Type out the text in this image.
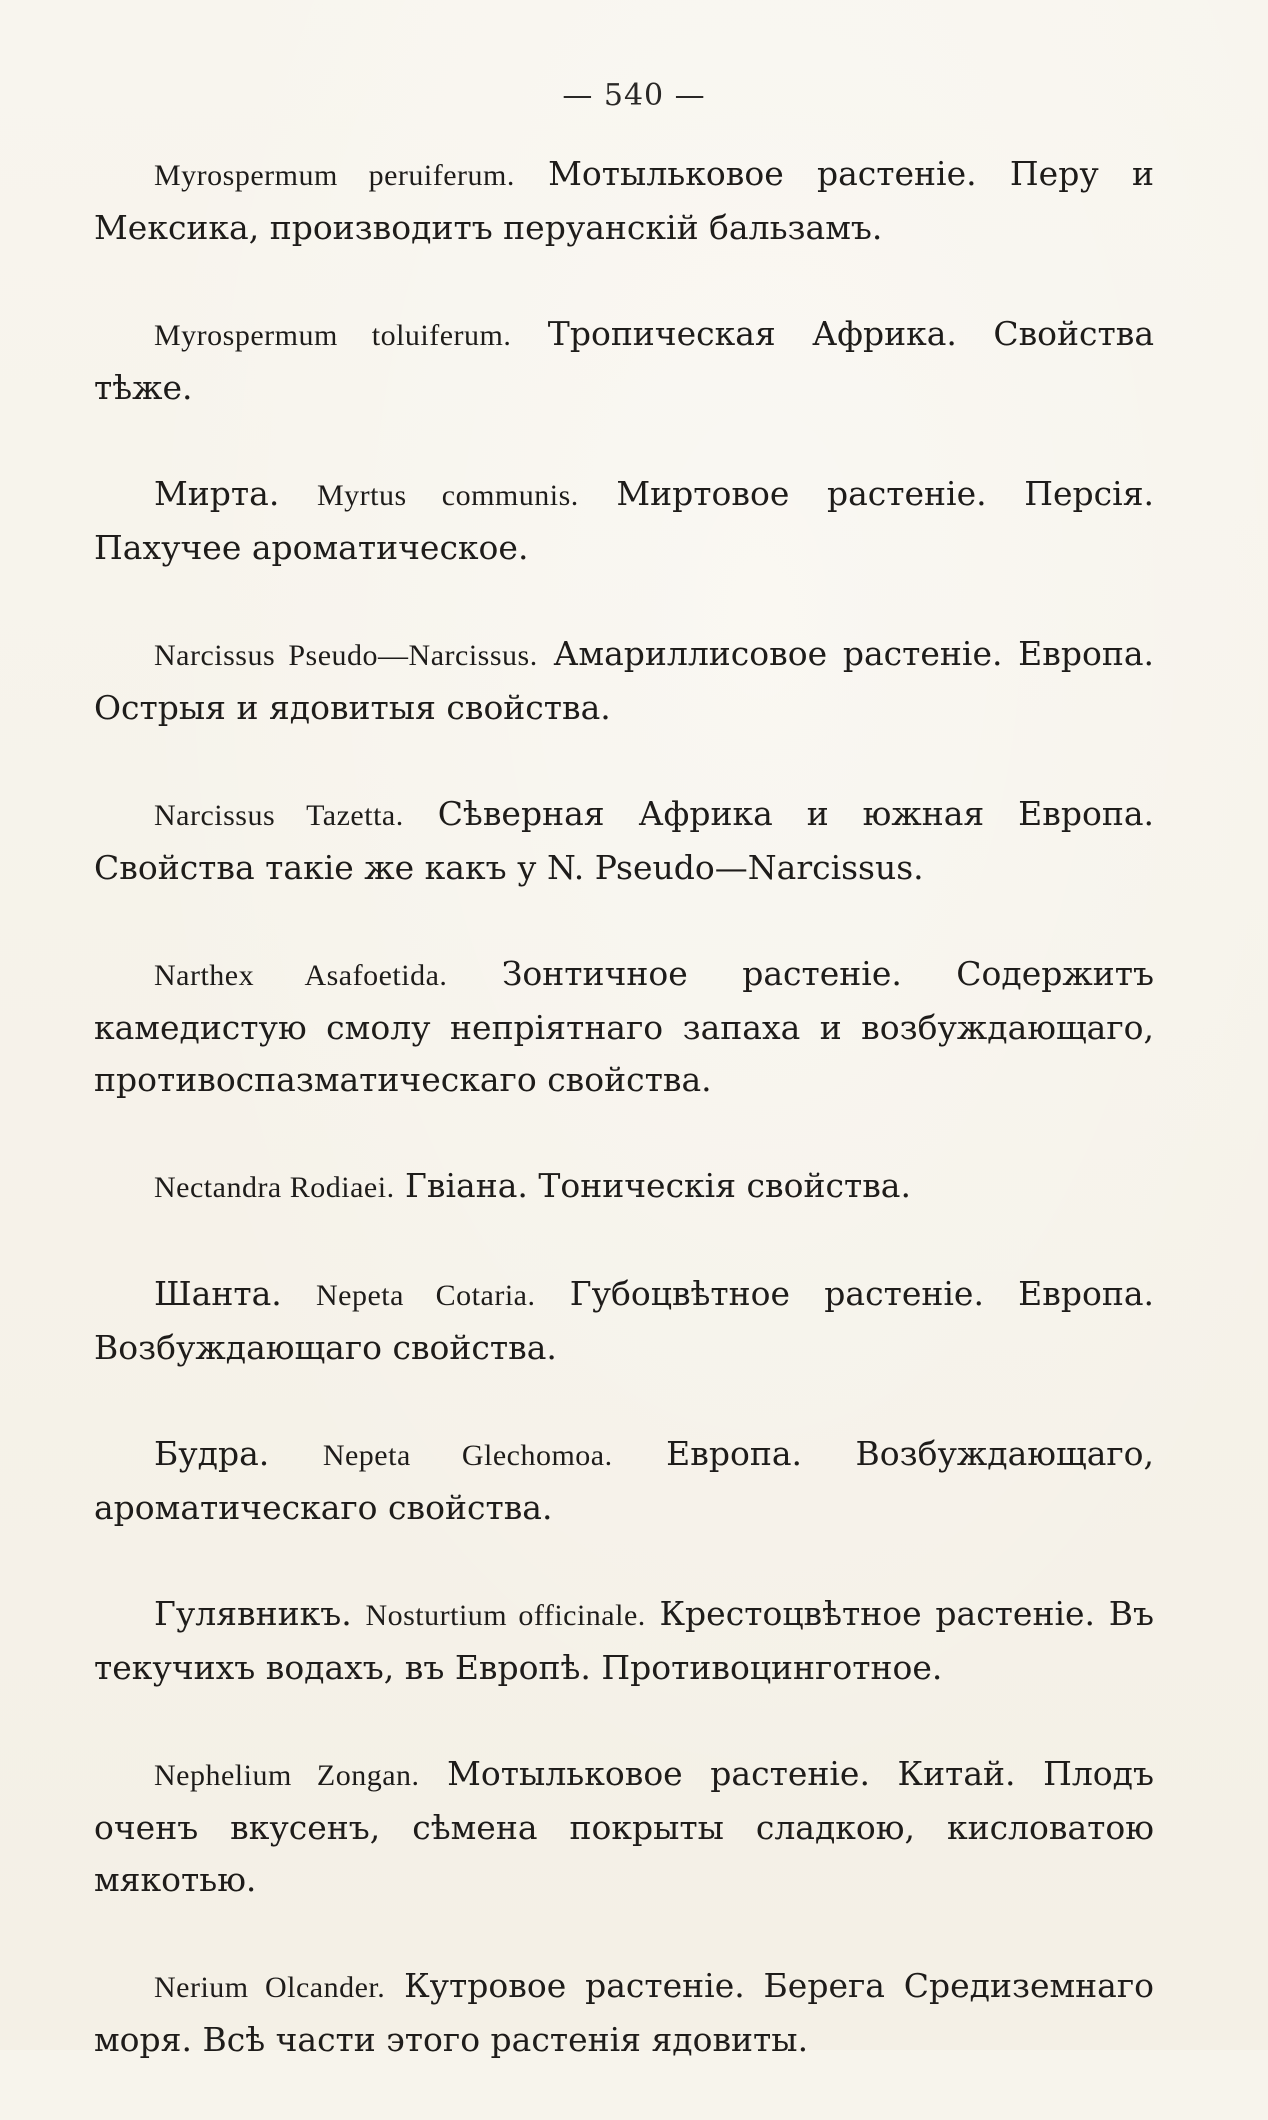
— 540 —

Myrospermum peruiferum. Мотыльковое растеніе. Перу и Мексика, производитъ перуанскій бальзамъ.

Myrospermum toluiferum. Тропическая Африка. Свойства тѣже.

Мирта. Myrtus communis. Миртовое растеніе. Персія. Пахучее ароматическое.

Narcissus Pseudo—Narcissus. Амариллисовое растеніе. Европа. Острыя и ядовитыя свойства.

Narcissus Tazetta. Сѣверная Африка и южная Европа. Свойства такіе же какъ у N. Pseudo—Narcissus.

Narthex Asafoetida. Зонтичное растеніе. Содержитъ камедистую смолу непріятнаго запаха и возбуждающаго, противоспазматическаго свойства.

Nectandra Rodiaei. Гвіана. Тоническія свойства.

Шанта. Nepeta Cotaria. Губоцвѣтное растеніе. Европа. Возбуждающаго свойства.

Будра. Nepeta Glechomoa. Европа. Возбуждающаго, ароматическаго свойства.

Гулявникъ. Nosturtium officinale. Крестоцвѣтное растеніе. Въ текучихъ водахъ, въ Европѣ. Противоцинготное.

Nephelium Zongan. Мотыльковое растеніе. Китай. Плодъ оченъ вкусенъ, сѣмена покрыты сладкою, кисловатою мякотью.

Nerium Olcander. Кутровое растеніе. Берега Средиземнаго моря. Всѣ части этого растенія ядовиты.
